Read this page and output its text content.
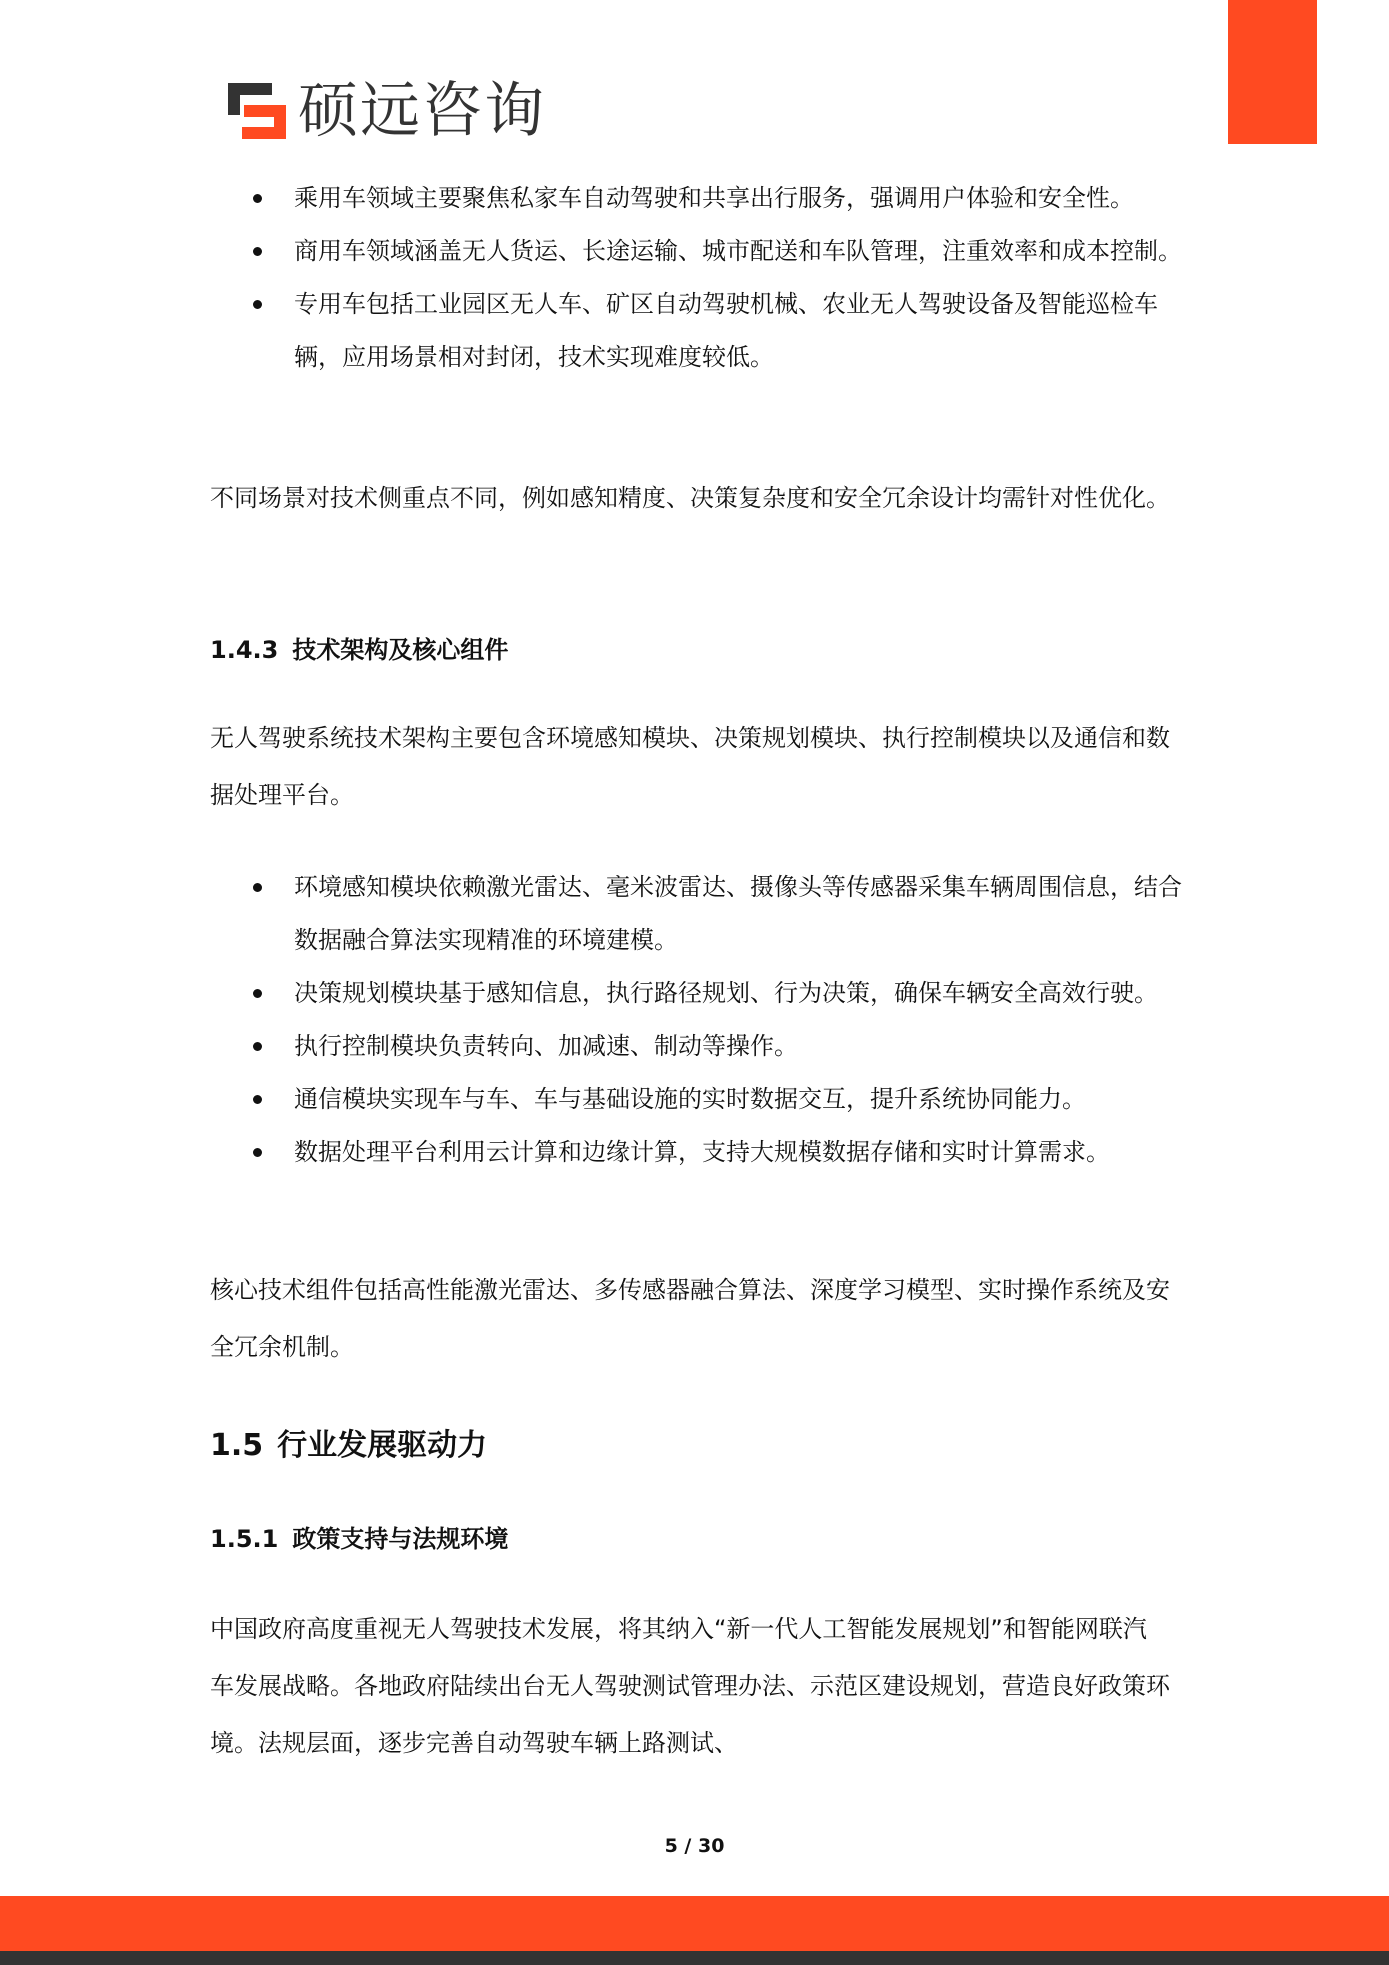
硕远咨询
乘用车领域主要聚焦私家车自动驾驶和共享出行服务，强调用户体验和安全性。
商用车领域涵盖无人货运、长途运输、城市配送和车队管理，注重效率和成本控制。
专用车包括工业园区无人车、矿区自动驾驶机械、农业无人驾驶设备及智能巡检车辆，应用场景相对封闭，技术实现难度较低。

不同场景对技术侧重点不同，例如感知精度、决策复杂度和安全冗余设计均需针对性优化。

1.4.3 技术架构及核心组件

无人驾驶系统技术架构主要包含环境感知模块、决策规划模块、执行控制模块以及通信和数据处理平台。

环境感知模块依赖激光雷达、毫米波雷达、摄像头等传感器采集车辆周围信息，结合数据融合算法实现精准的环境建模。
决策规划模块基于感知信息，执行路径规划、行为决策，确保车辆安全高效行驶。
执行控制模块负责转向、加减速、制动等操作。
通信模块实现车与车、车与基础设施的实时数据交互，提升系统协同能力。
数据处理平台利用云计算和边缘计算，支持大规模数据存储和实时计算需求。

核心技术组件包括高性能激光雷达、多传感器融合算法、深度学习模型、实时操作系统及安全冗余机制。

1.5 行业发展驱动力
1.5.1 政策支持与法规环境

中国政府高度重视无人驾驶技术发展，将其纳入“新一代人工智能发展规划”和智能网联汽车发展战略。各地政府陆续出台无人驾驶测试管理办法、示范区建设规划，营造良好政策环境。法规层面，逐步完善自动驾驶车辆上路测试、

5 / 30
